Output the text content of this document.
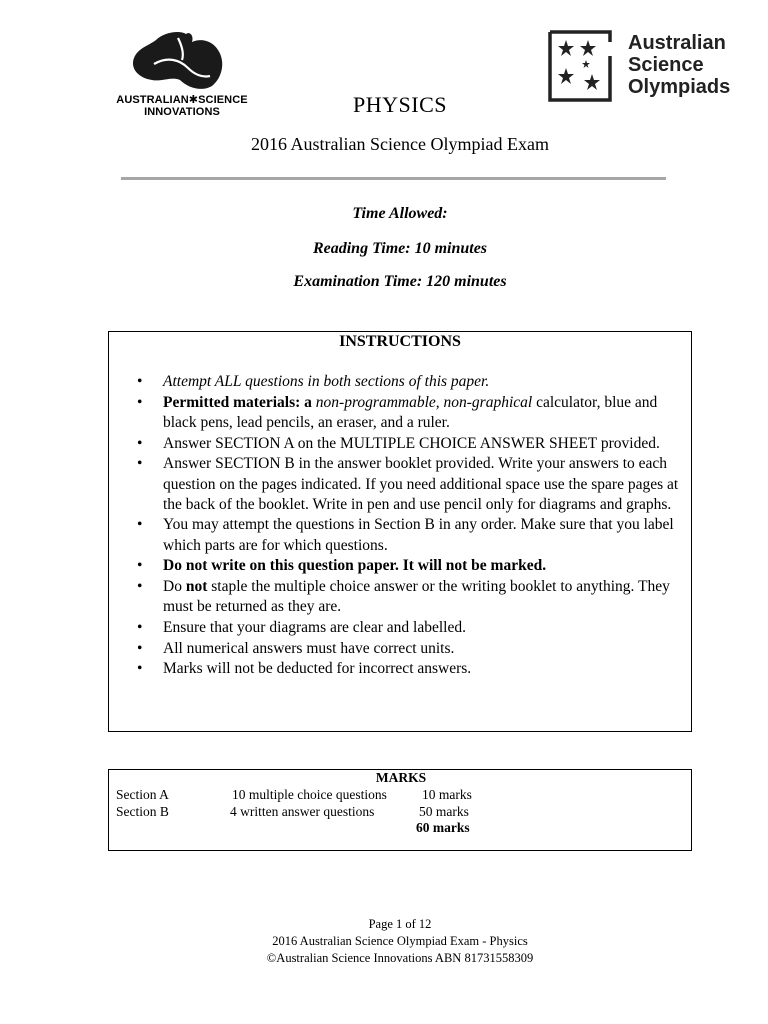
AUSTRALIAN✱SCIENCE
INNOVATIONS
Australian
Science
Olympiads
PHYSICS
2016 Australian Science Olympiad Exam
Time Allowed:
Reading Time: 10 minutes
Examination Time: 120 minutes
INSTRUCTIONS
• Attempt ALL questions in both sections of this paper.
• Permitted materials: a non-programmable, non-graphical calculator, blue and black pens, lead pencils, an eraser, and a ruler.
• Answer SECTION A on the MULTIPLE CHOICE ANSWER SHEET provided.
• Answer SECTION B in the answer booklet provided. Write your answers to each question on the pages indicated. If you need additional space use the spare pages at the back of the booklet. Write in pen and use pencil only for diagrams and graphs.
• You may attempt the questions in Section B in any order. Make sure that you label which parts are for which questions.
• Do not write on this question paper. It will not be marked.
• Do not staple the multiple choice answer or the writing booklet to anything. They must be returned as they are.
• Ensure that your diagrams are clear and labelled.
• All numerical answers must have correct units.
• Marks will not be deducted for incorrect answers.
MARKS
Section A	10 multiple choice questions	10 marks
Section B	4 written answer questions	50 marks
60 marks
Page 1 of 12
2016 Australian Science Olympiad Exam - Physics
©Australian Science Innovations ABN 81731558309
